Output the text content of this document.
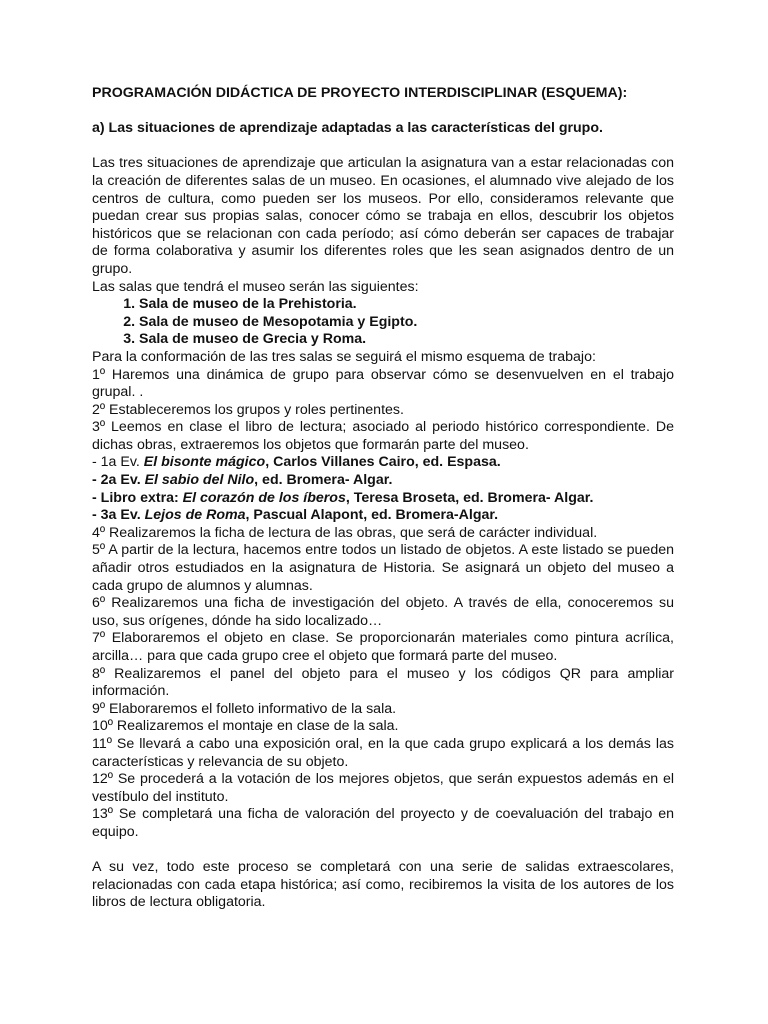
PROGRAMACIÓN DIDÁCTICA DE PROYECTO INTERDISCIPLINAR (ESQUEMA):

a) Las situaciones de aprendizaje adaptadas a las características del grupo.

Las tres situaciones de aprendizaje que articulan la asignatura van a estar relacionadas con la creación de diferentes salas de un museo. En ocasiones, el alumnado vive alejado de los centros de cultura, como pueden ser los museos. Por ello, consideramos relevante que puedan crear sus propias salas, conocer cómo se trabaja en ellos, descubrir los objetos históricos que se relacionan con cada período; así cómo deberán ser capaces de trabajar de forma colaborativa y asumir los diferentes roles que les sean asignados dentro de un grupo.

Las salas que tendrá el museo serán las siguientes:

1. Sala de museo de la Prehistoria.
2. Sala de museo de Mesopotamia y Egipto.
3. Sala de museo de Grecia y Roma.

Para la conformación de las tres salas se seguirá el mismo esquema de trabajo:

1º Haremos una dinámica de grupo para observar cómo se desenvuelven en el trabajo grupal. .

2º Estableceremos los grupos y roles pertinentes.

3º Leemos en clase el libro de lectura; asociado al periodo histórico correspondiente. De dichas obras, extraeremos los objetos que formarán parte del museo.

- 1a Ev. El bisonte mágico, Carlos Villanes Cairo, ed. Espasa.

- 2a Ev. El sabio del Nilo, ed. Bromera- Algar.

- Libro extra: El corazón de los íberos, Teresa Broseta, ed. Bromera- Algar.

- 3a Ev. Lejos de Roma, Pascual Alapont, ed. Bromera-Algar.

4º Realizaremos la ficha de lectura de las obras, que será de carácter individual.

5º A partir de la lectura, hacemos entre todos un listado de objetos. A este listado se pueden añadir otros estudiados en la asignatura de Historia. Se asignará un objeto del museo a cada grupo de alumnos y alumnas.

6º Realizaremos una ficha de investigación del objeto. A través de ella, conoceremos su uso, sus orígenes, dónde ha sido localizado…

7º Elaboraremos el objeto en clase. Se proporcionarán materiales como pintura acrílica, arcilla… para que cada grupo cree el objeto que formará parte del museo.

8º Realizaremos el panel del objeto para el museo y los códigos QR para ampliar información.

9º Elaboraremos el folleto informativo de la sala.

10º Realizaremos el montaje en clase de la sala.

11º Se llevará a cabo una exposición oral, en la que cada grupo explicará a los demás las características y relevancia de su objeto.

12º Se procederá a la votación de los mejores objetos, que serán expuestos además en el vestíbulo del instituto.

13º Se completará una ficha de valoración del proyecto y de coevaluación del trabajo en equipo.

A su vez, todo este proceso se completará con una serie de salidas extraescolares, relacionadas con cada etapa histórica; así como, recibiremos la visita de los autores de los libros de lectura obligatoria.
